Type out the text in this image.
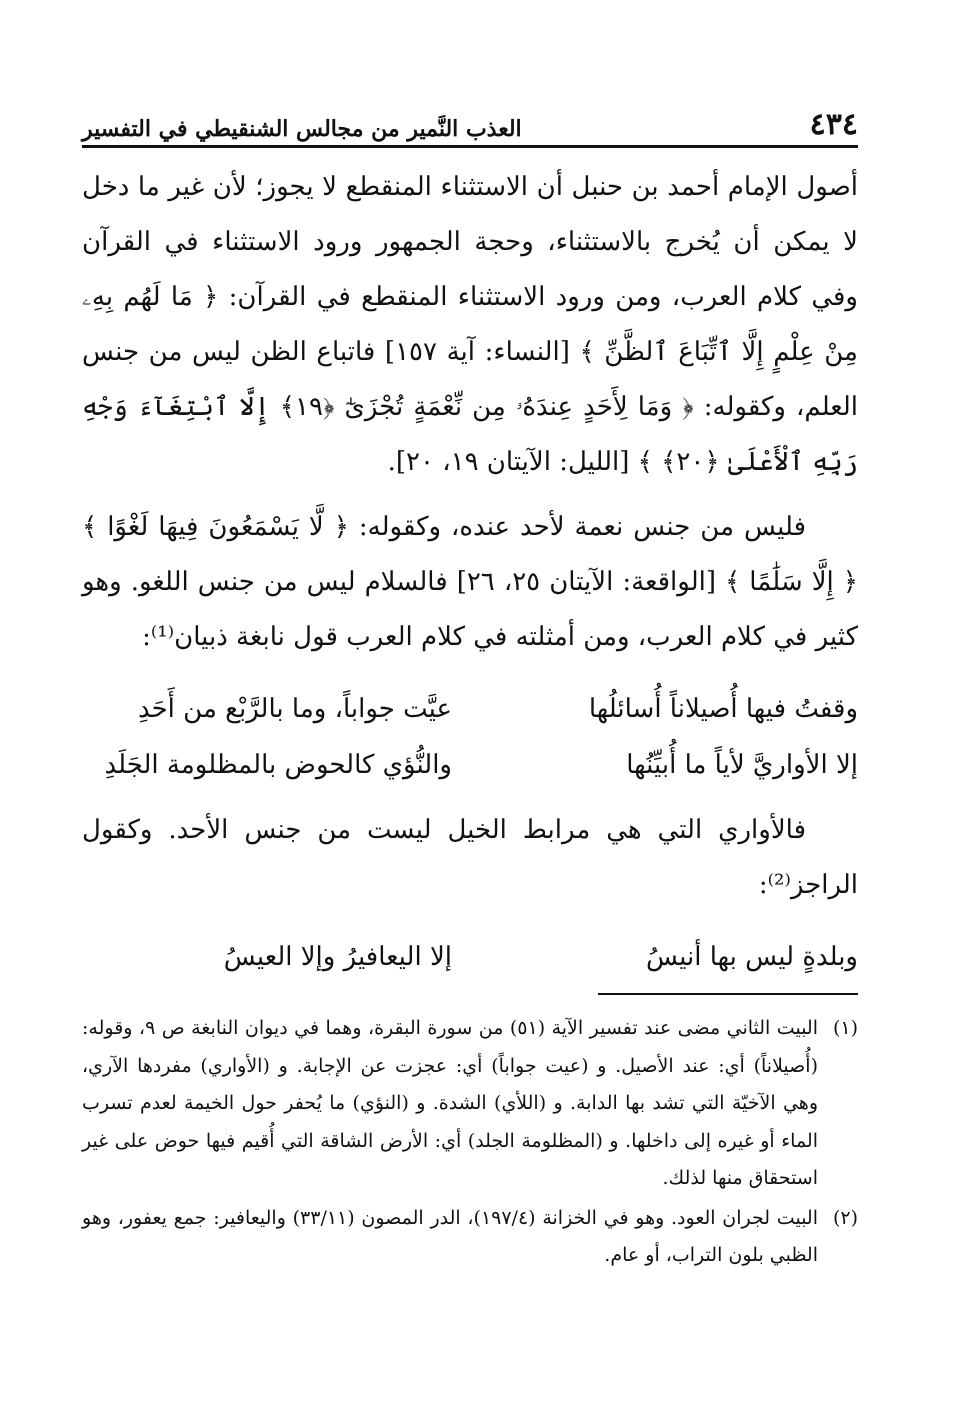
٤٣٤
العذب النَّمير من مجالس الشنقيطي في التفسير

أصول الإمام أحمد بن حنبل أن الاستثناء المنقطع لا يجوز؛ لأن غير ما دخل لا يمكن أن يُخرج بالاستثناء، وحجة الجمهور ورود الاستثناء في القرآن وفي كلام العرب، ومن ورود الاستثناء المنقطع في القرآن: ﴿ مَا لَهُم بِهِۦ مِنْ عِلْمٍ إِلَّا ٱتِّبَاعَ ٱلظَّنِّ ﴾ [النساء: آية ١٥٧] فاتباع الظن ليس من جنس العلم، وكقوله: ﴿ وَمَا لِأَحَدٍ عِندَهُۥ مِن نِّعْمَةٍ تُجْزَىٰٓ ﴿١٩﴾ إِلَّا ٱبْتِغَآءَ وَجْهِ رَبِّهِ ٱلْأَعْلَىٰ ﴿٢٠﴾ ﴾ [الليل: الآيتان ١٩، ٢٠].

فليس من جنس نعمة لأحد عنده، وكقوله: ﴿ لَّا يَسْمَعُونَ فِيهَا لَغْوًا ﴾ ﴿ إِلَّا سَلَٰمًا ﴾ [الواقعة: الآيتان ٢٥، ٢٦] فالسلام ليس من جنس اللغو. وهو كثير في كلام العرب، ومن أمثلته في كلام العرب قول نابغة ذبيان⁽¹⁾:

وقفتُ فيها أُصيلاناً أُسائلُها
عيَّت جواباً، وما بالرَّبْع من أَحَدِ
إلا الأواريَّ لأياً ما أُبيِّنُها
والنُّؤي كالحوض بالمظلومة الجَلَدِ

فالأواري التي هي مرابط الخيل ليست من جنس الأحد. وكقول الراجز⁽²⁾:

وبلدةٍ ليس بها أنيسُ
إلا اليعافيرُ وإلا العيسُ
(١)
البيت الثاني مضى عند تفسير الآية (٥١) من سورة البقرة، وهما في ديوان النابغة ص ٩، وقوله: (أُصيلاناً) أي: عند الأصيل. و (عيت جواباً) أي: عجزت عن الإجابة. و (الأواري) مفردها الآري، وهي الآخيّة التي تشد بها الدابة. و (اللأي) الشدة. و (النؤي) ما يُحفر حول الخيمة لعدم تسرب الماء أو غيره إلى داخلها. و (المظلومة الجلد) أي: الأرض الشاقة التي أُقيم فيها حوض على غير استحقاق منها لذلك.
(٢)
البيت لجران العود. وهو في الخزانة (١٩٧/٤)، الدر المصون (٣٣/١١) واليعافير: جمع يعفور، وهو الظبي بلون التراب، أو عام.
